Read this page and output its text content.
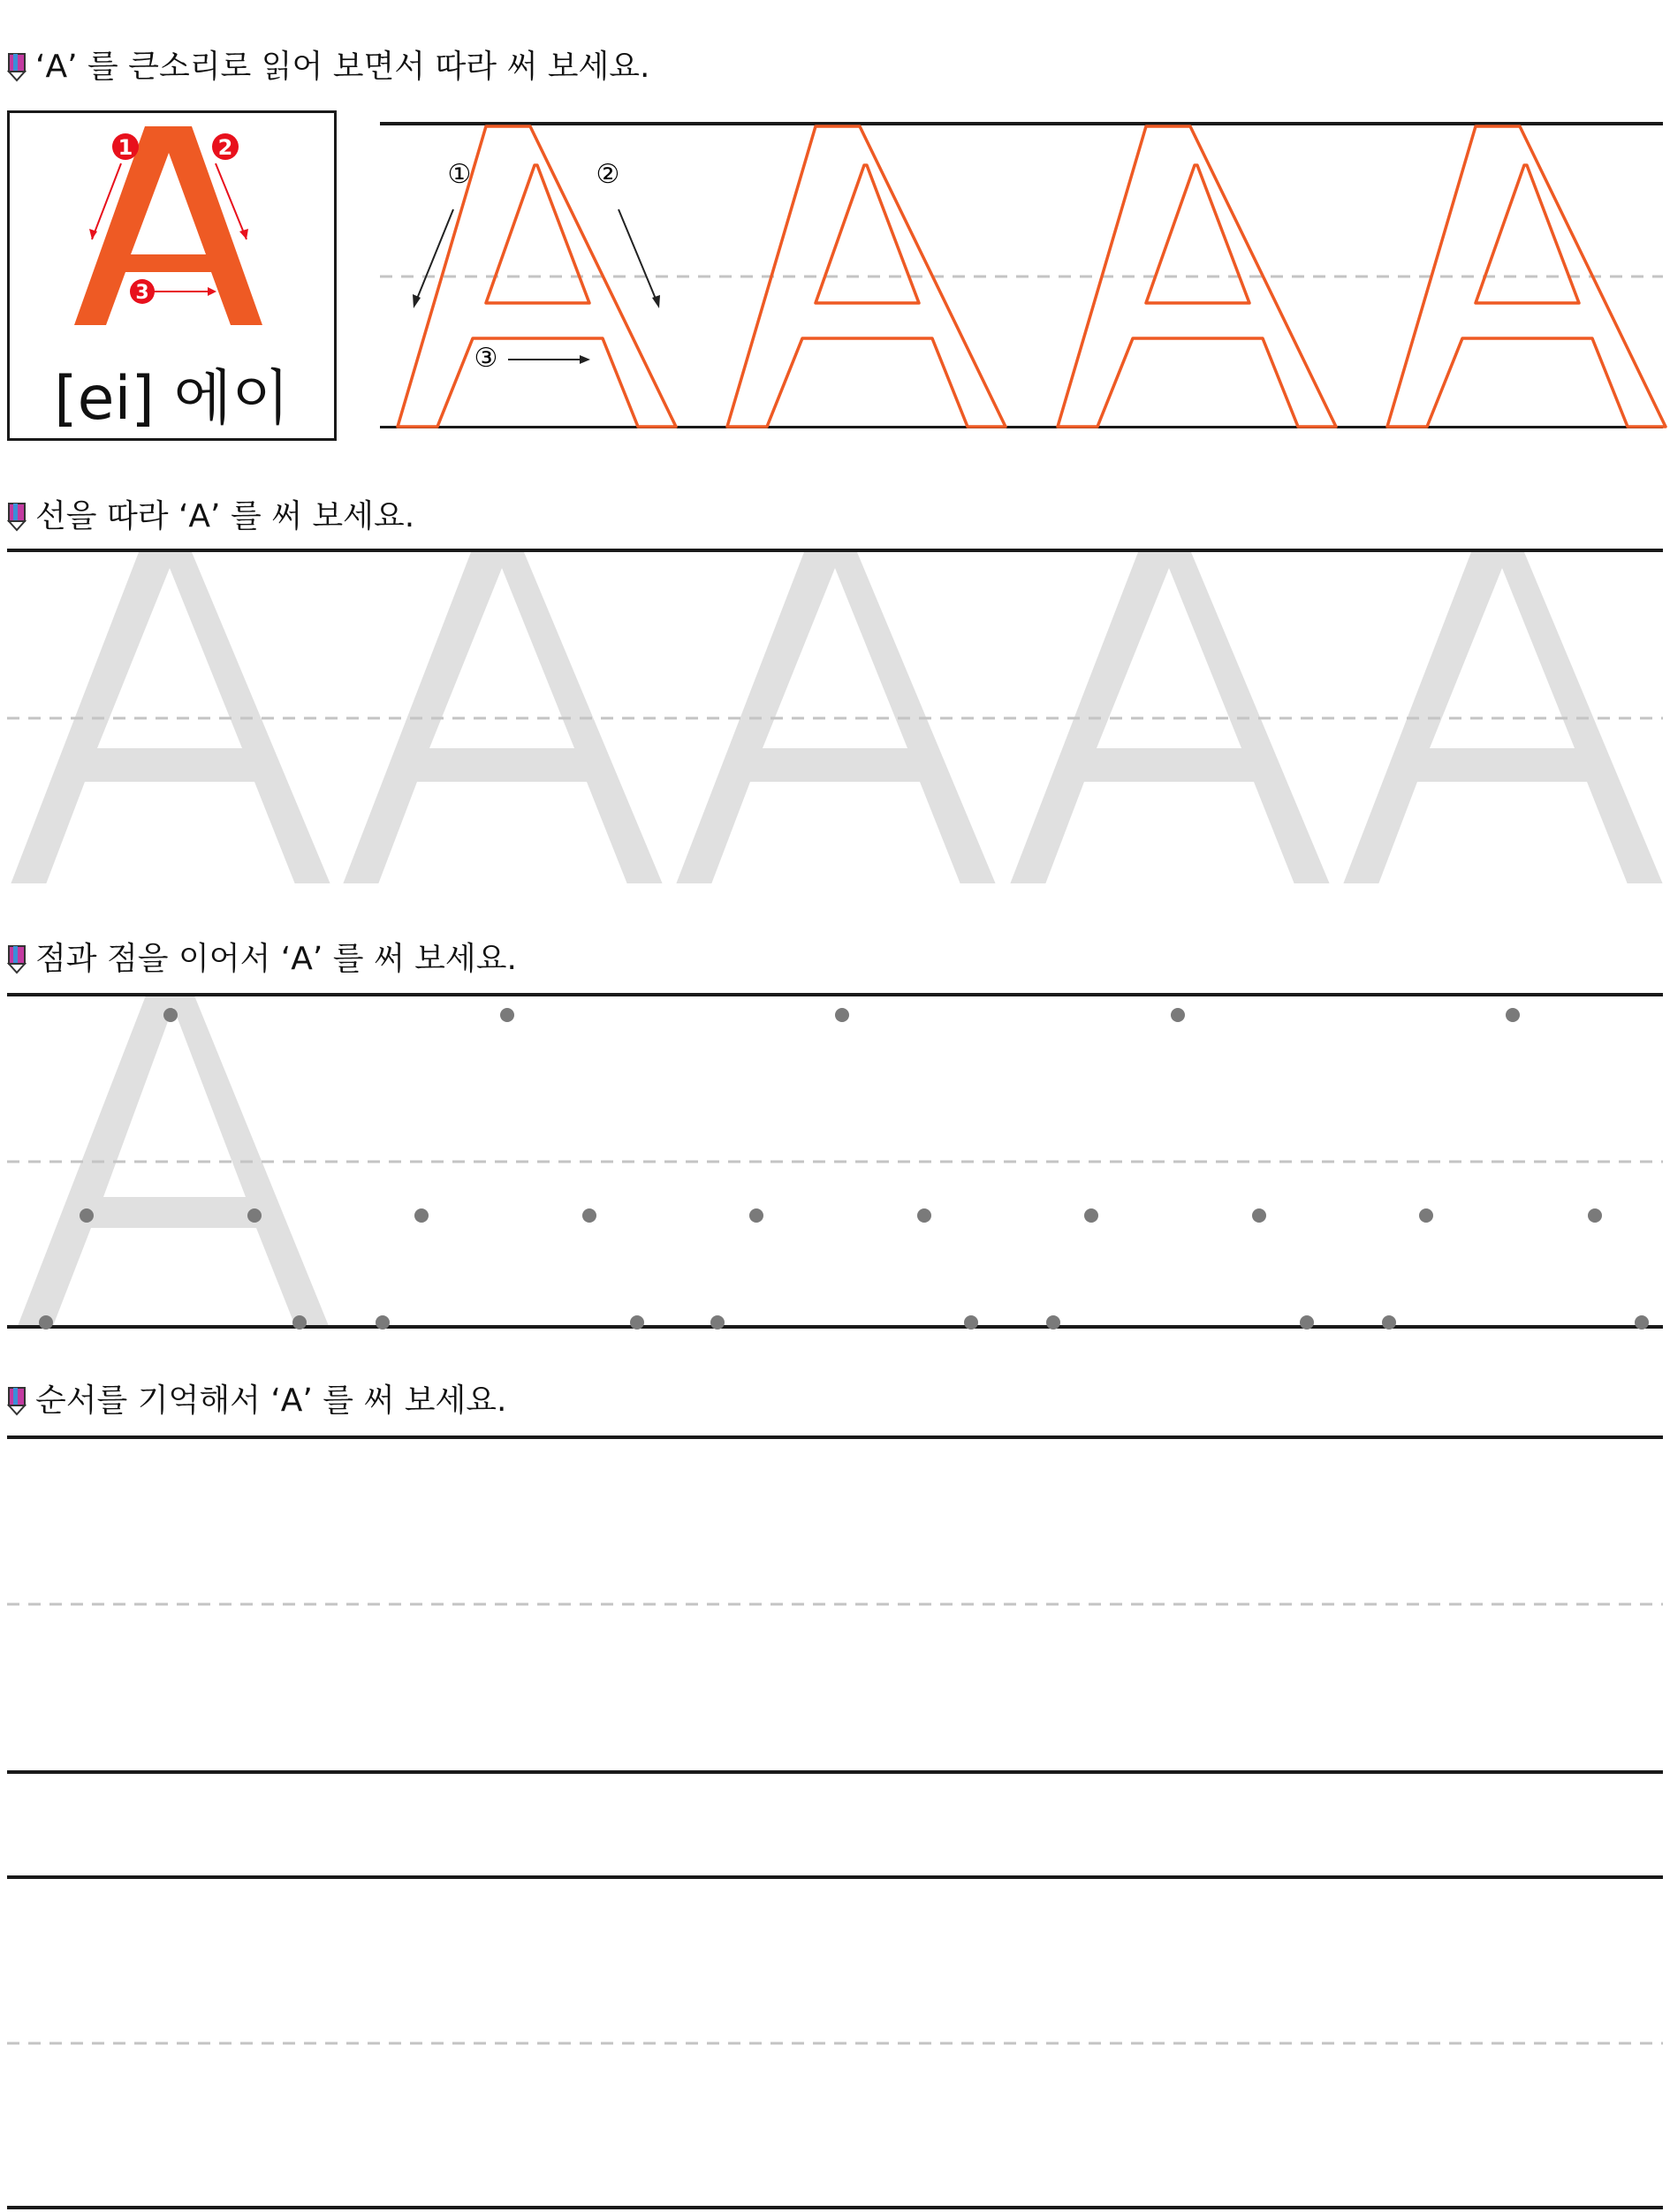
‘A’ 를 큰소리로 읽어 보면서 따라 써 보세요.
1	2
3
[ei] 에이
①	②
③
선을 따라 ‘A’ 를 써 보세요.
점과 점을 이어서 ‘A’ 를 써 보세요.
순서를 기억해서 ‘A’ 를 써 보세요.
